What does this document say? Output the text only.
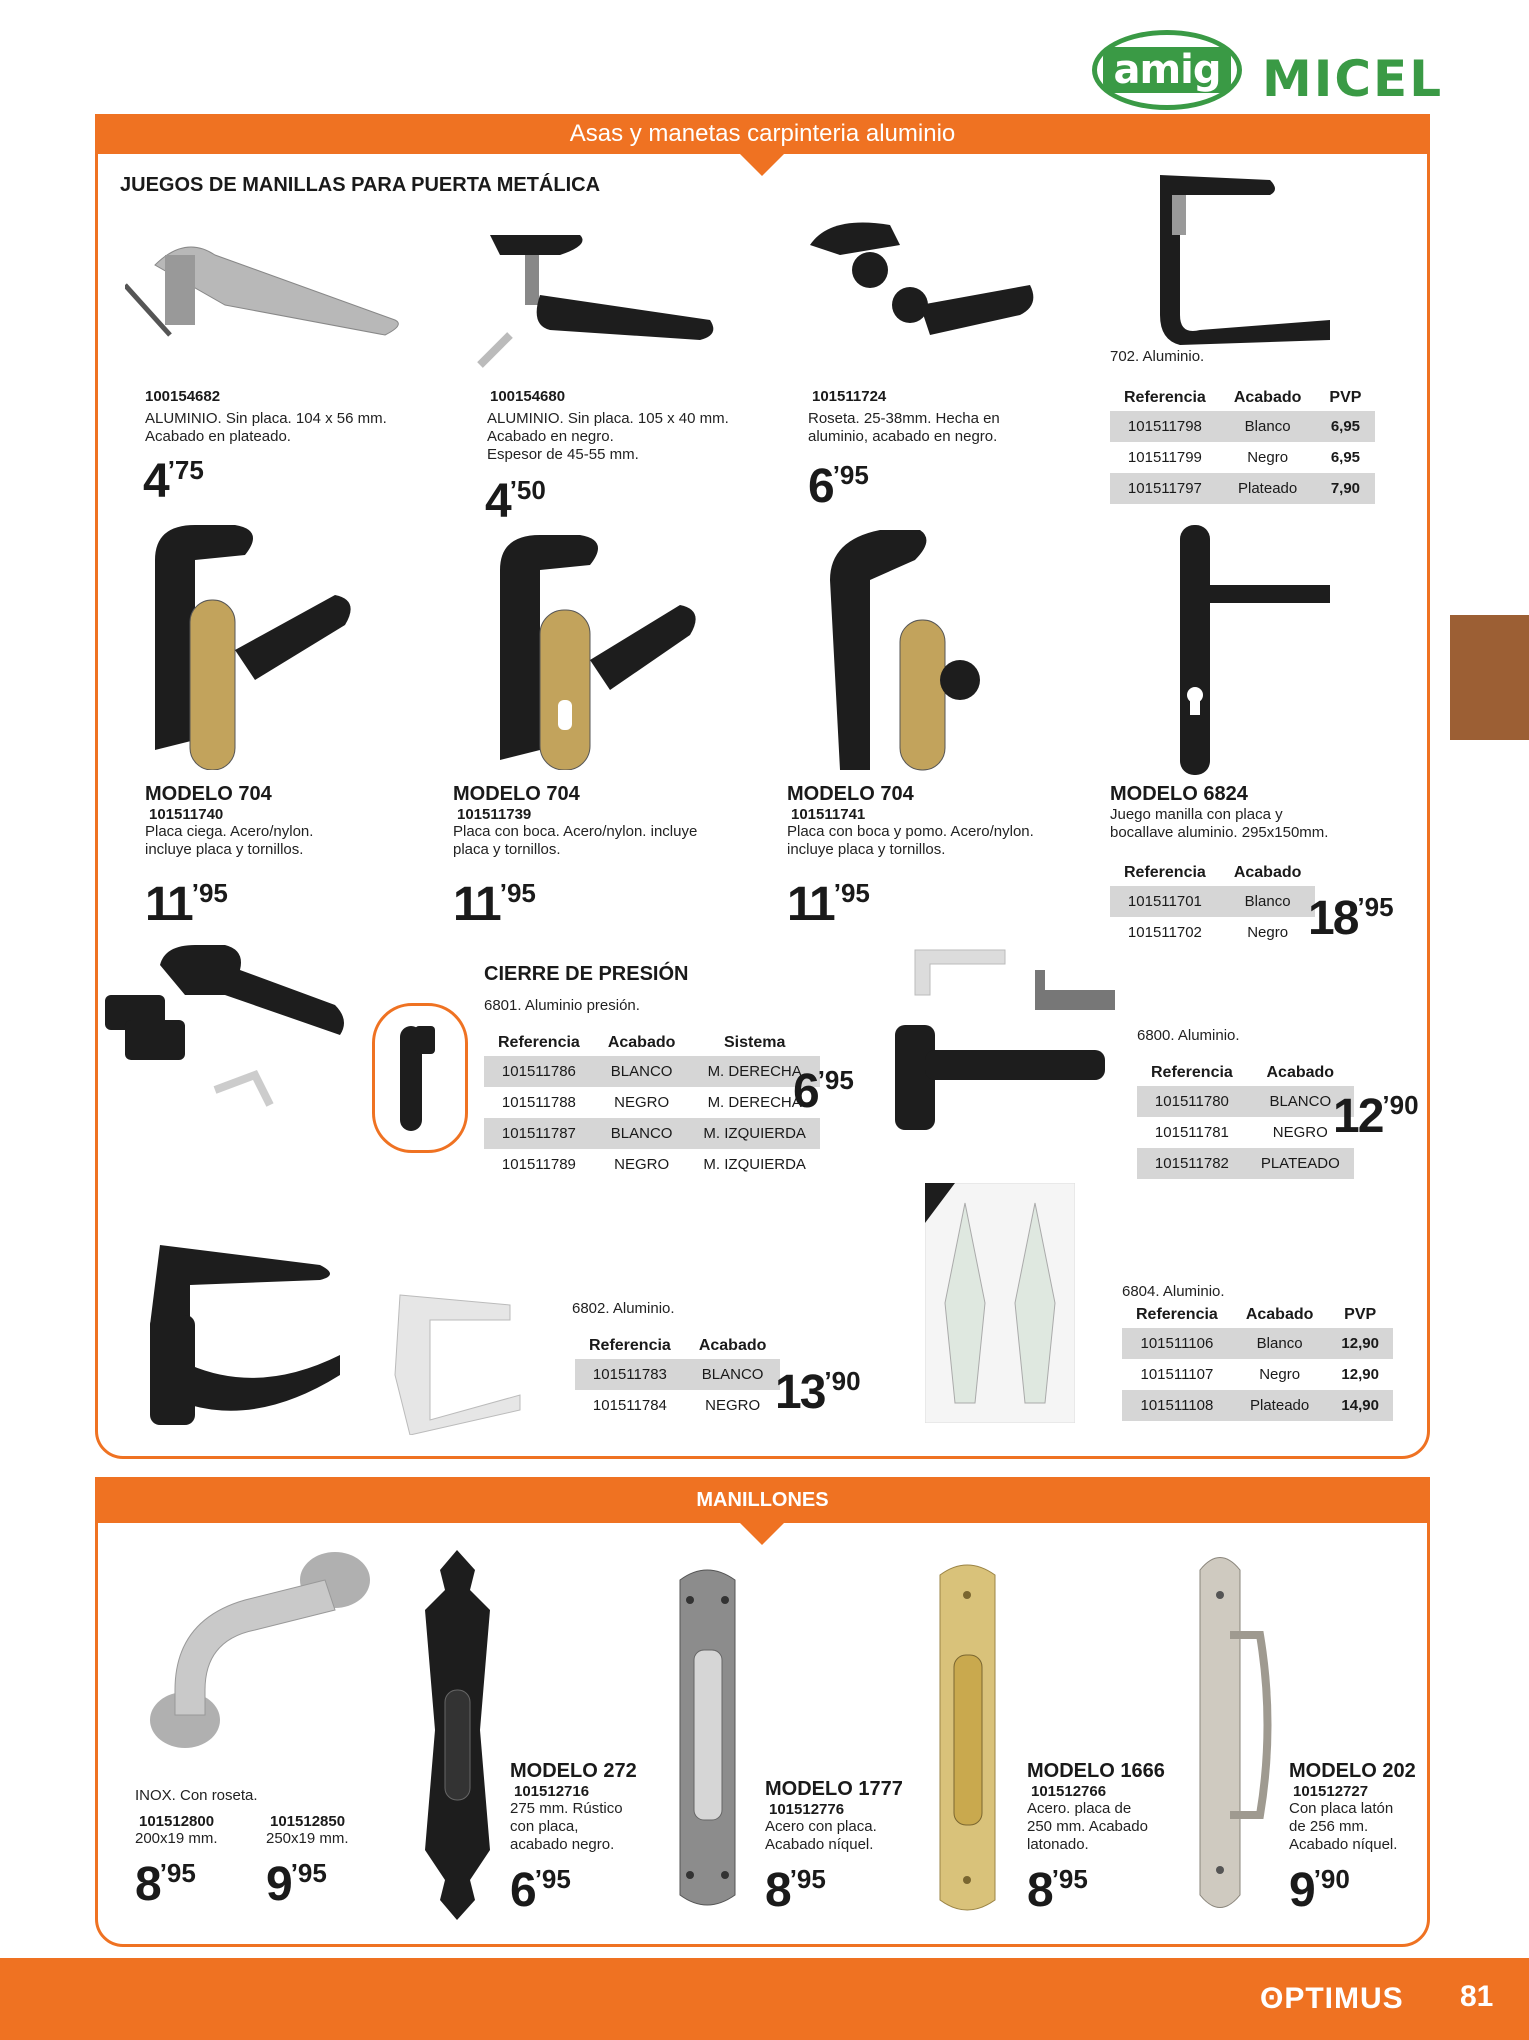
amig MICEL
Asas y manetas carpinteria aluminio
JUEGOS DE MANILLAS PARA PUERTA METÁLICA
100154682
ALUMINIO. Sin placa. 104 x 56 mm.
Acabado en plateado.
$4^{’75}$
100154680
ALUMINIO. Sin placa. 105 x 40 mm.
Acabado en negro.
Espesor de 45-55 mm.
$4^{’50}$
101511724
Roseta. 25-38mm. Hecha en
aluminio, acabado en negro.
$6^{’95}$
702. Aluminio.
Referencia	Acabado	PVP
101511798	Blanco	6,95
101511799	Negro	6,95
101511797	Plateado	7,90
MODELO 704
101511740
Placa ciega. Acero/nylon.
incluye placa y tornillos.
$11^{’95}$
MODELO 704
101511739
Placa con boca. Acero/nylon. incluye
placa y tornillos.
$11^{’95}$
MODELO 704
101511741
Placa con boca y pomo. Acero/nylon.
incluye placa y tornillos.
$11^{’95}$
MODELO 6824
Juego manilla con placa y
bocallave aluminio. 295x150mm.
Referencia	Acabado
101511701	Blanco
101511702	Negro $18^{’95}$
CIERRE DE PRESIÓN
6801. Aluminio presión.
Referencia	Acabado	Sistema
101511786	BLANCO	M. DERECHA
101511788	NEGRO	M. DERECHA
101511787	BLANCO	M. IZQUIERDA
101511789	NEGRO	M. IZQUIERDA
$6^{’95}$
6800. Aluminio.
Referencia	Acabado
101511780	BLANCO
101511781	NEGRO
101511782	PLATEADO
$12^{’90}$
6802. Aluminio.
Referencia	Acabado
101511783	BLANCO
101511784	NEGRO $13^{’90}$
6804. Aluminio.
Referencia	Acabado	PVP
101511106	Blanco	12,90
101511107	Negro	12,90
101511108	Plateado	14,90
MANILLONES
INOX. Con roseta.
101512800
200x19 mm.
$8^{’95}$
101512850
250x19 mm.
$9^{’95}$
MODELO 272
101512716
275 mm. Rústico
con placa,
acabado negro.
$6^{’95}$
MODELO 1777
101512776
Acero con placa.
Acabado níquel.
$8^{’95}$
MODELO 1666
101512766
Acero. placa de
250 mm. Acabado
latonado.
$8^{’95}$
MODELO 202
101512727
Con placa latón
de 256 mm.
Acabado níquel.
$9^{’90}$
ʘPTIMUS 81
